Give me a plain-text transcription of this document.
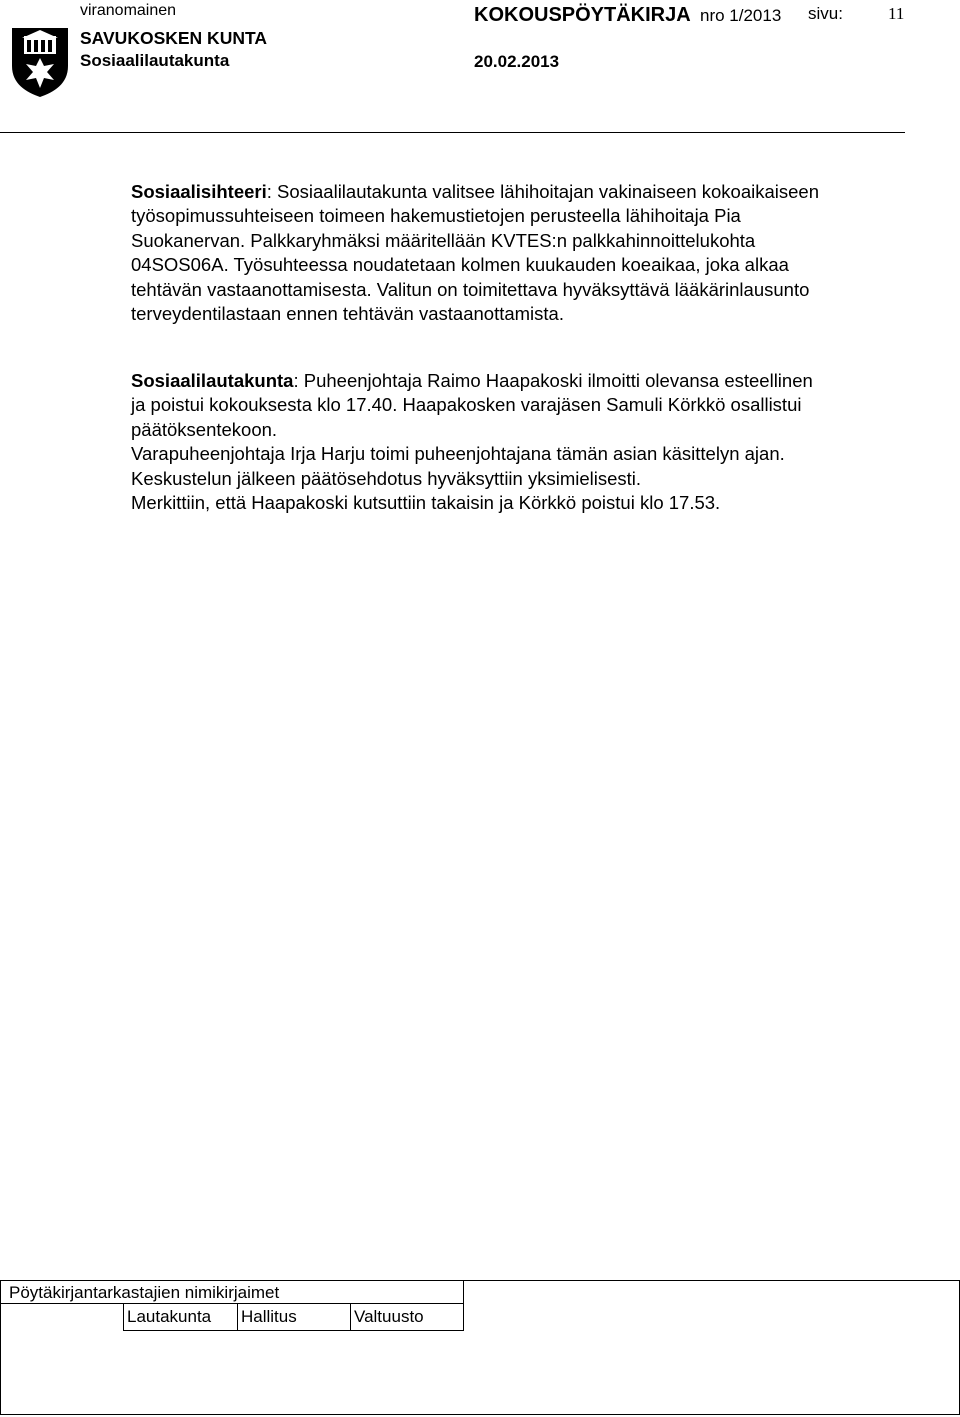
viranomainen	KOKOUSPÖYTÄKIRJA nro 1/2013 sivu:	11
SAVUKOSKEN KUNTA
Sosiaalilautakunta	20.02.2013

Sosiaalisihteeri: Sosiaalilautakunta valitsee lähihoitajan vakinaiseen kokoaikaiseen

työsopimussuhteiseen toimeen hakemustietojen perusteella lähihoitaja Pia

Suokanervan. Palkkaryhmäksi määritellään KVTES:n palkkahinnoittelukohta

04SOS06A. Työsuhteessa noudatetaan kolmen kuukauden koeaikaa, joka alkaa

tehtävän vastaanottamisesta. Valitun on toimitettava hyväksyttävä lääkärinlausunto

terveydentilastaan ennen tehtävän vastaanottamista.

Sosiaalilautakunta: Puheenjohtaja Raimo Haapakoski ilmoitti olevansa esteellinen

ja poistui kokouksesta klo 17.40. Haapakosken varajäsen Samuli Körkkö osallistui

päätöksentekoon.

Varapuheenjohtaja Irja Harju toimi puheenjohtajana tämän asian käsittelyn ajan.

Keskustelun jälkeen päätösehdotus hyväksyttiin yksimielisesti.

Merkittiin, että Haapakoski kutsuttiin takaisin ja Körkkö poistui klo 17.53.

Pöytäkirjantarkastajien nimikirjaimet
Lautakunta	Hallitus	Valtuusto
